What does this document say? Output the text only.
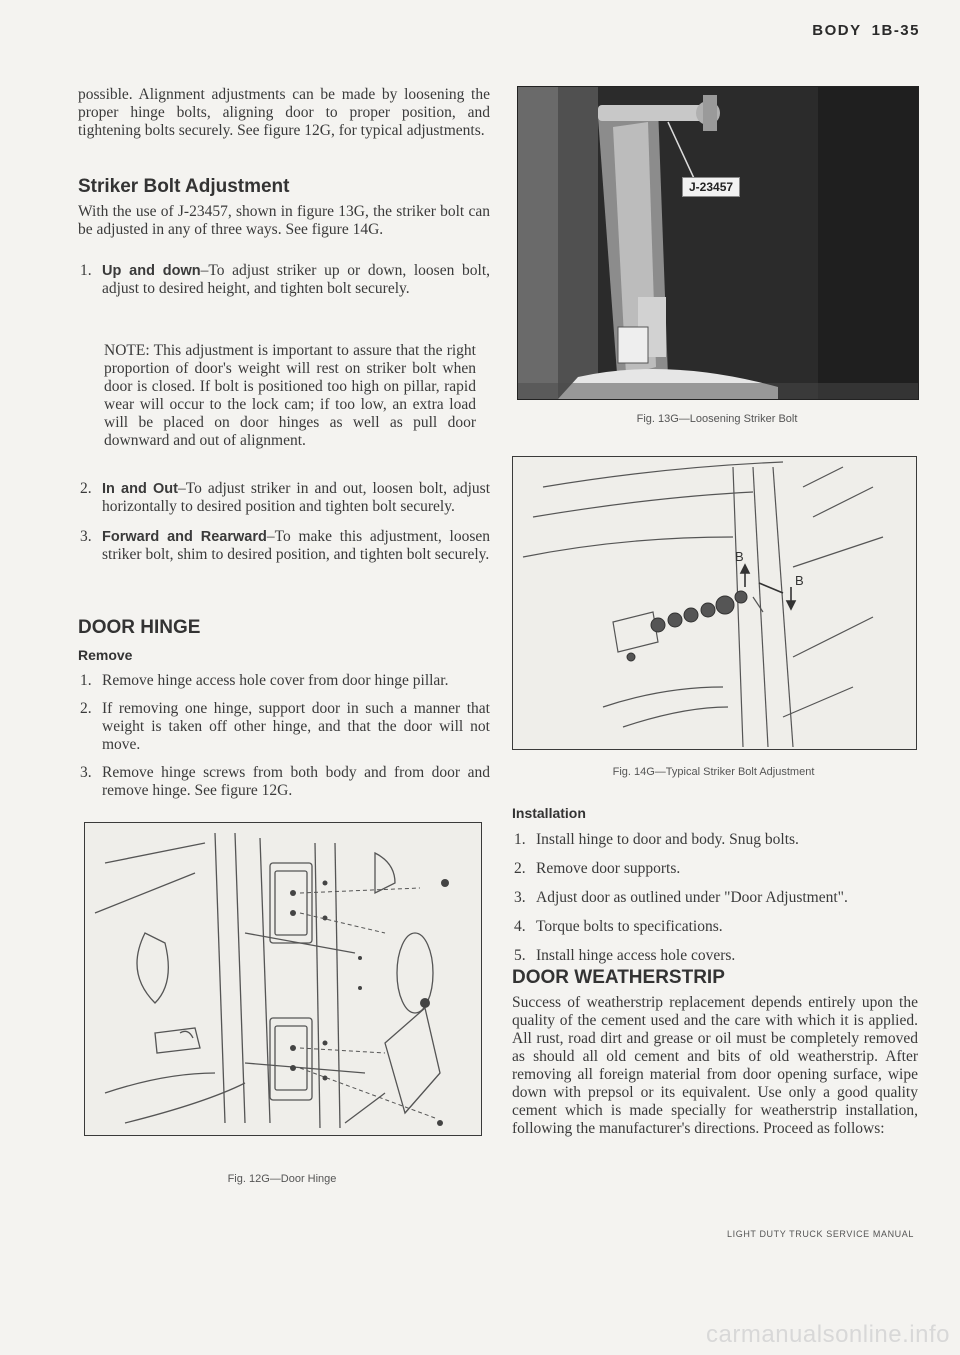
BODY 1B-35

possible. Alignment adjustments can be made by loosening the proper hinge bolts, aligning door to proper position, and tightening bolts securely. See figure 12G, for typical adjustments.

Striker Bolt Adjustment

With the use of J-23457, shown in figure 13G, the striker bolt can be adjusted in any of three ways. See figure 14G.

1. Up and down–To adjust striker up or down, loosen bolt, adjust to desired height, and tighten bolt securely.

NOTE: This adjustment is important to assure that the right proportion of door's weight will rest on striker bolt when door is closed. If bolt is positioned too high on pillar, rapid wear will occur to the lock cam; if too low, an extra load will be placed on door hinges as well as pull door downward and out of alignment.

2. In and Out–To adjust striker in and out, loosen bolt, adjust horizontally to desired position and tighten bolt securely.
3. Forward and Rearward–To make this adjustment, loosen striker bolt, shim to desired position, and tighten bolt securely.
DOOR HINGE
Remove
1. Remove hinge access hole cover from door hinge pillar.
2. If removing one hinge, support door in such a manner that weight is taken off other hinge, and that the door will not move.
3. Remove hinge screws from both body and from door and remove hinge. See figure 12G.
Fig. 12G—Door Hinge
J-23457
Fig. 13G—Loosening Striker Bolt
B
B
Fig. 14G—Typical Striker Bolt Adjustment
Installation
1. Install hinge to door and body. Snug bolts.
2. Remove door supports.
3. Adjust door as outlined under "Door Adjustment".
4. Torque bolts to specifications.
5. Install hinge access hole covers.
DOOR WEATHERSTRIP

Success of weatherstrip replacement depends entirely upon the quality of the cement used and the care with which it is applied. All rust, road dirt and grease or oil must be completely removed as should all old cement and bits of old weatherstrip. After removing all foreign material from door opening surface, wipe down with prepsol or its equivalent. Use only a good quality cement which is made specially for weatherstrip installation, following the manufacturer's directions. Proceed as follows:

LIGHT DUTY TRUCK SERVICE MANUAL
carmanualsonline.info
